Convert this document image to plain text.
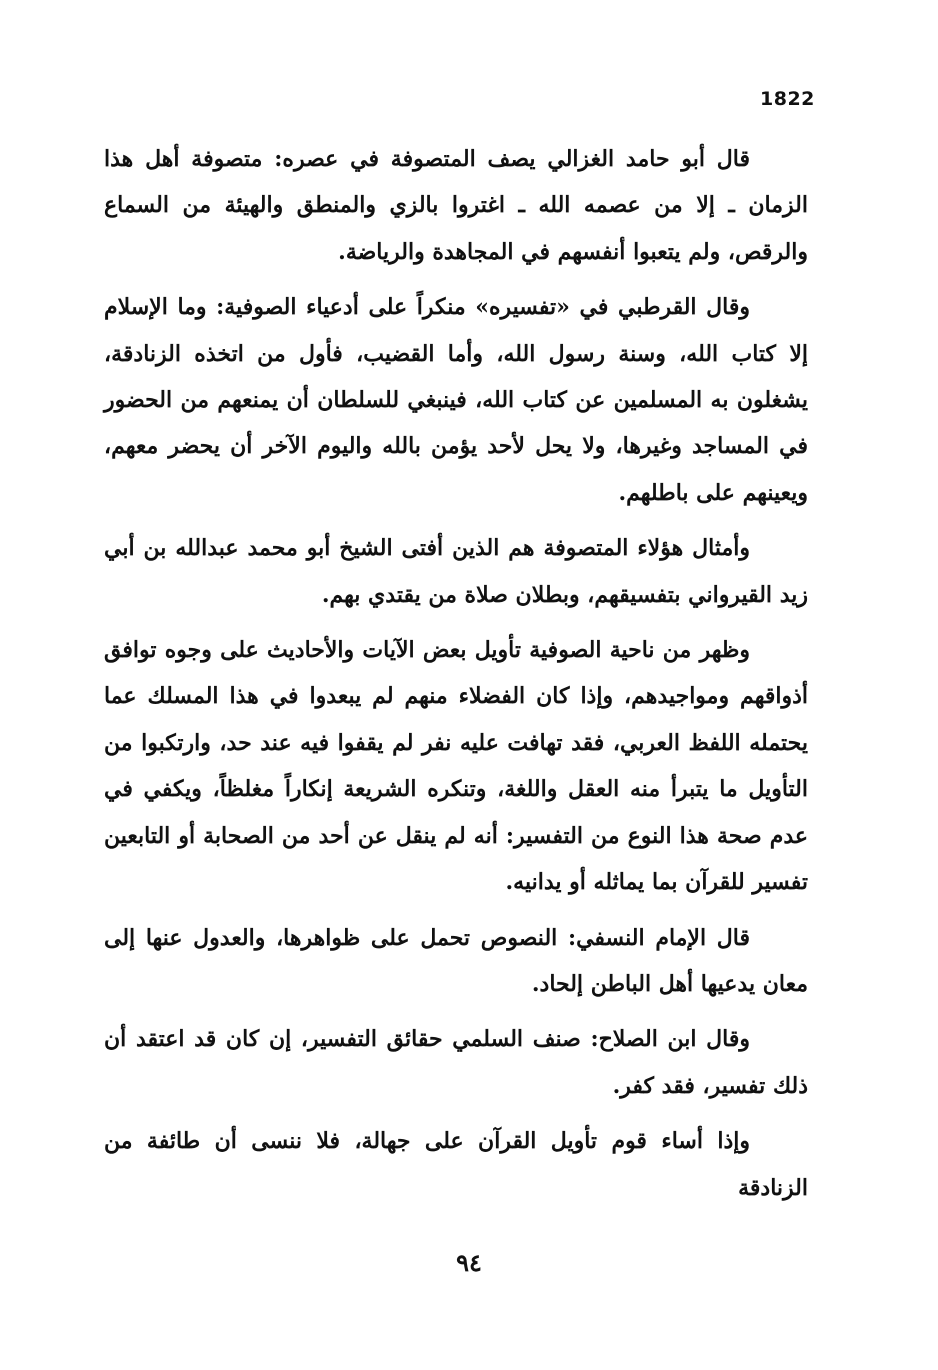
1822

قال أبو حامد الغزالي يصف المتصوفة في عصره: متصوفة أهل هذا الزمان ـ إلا من عصمه الله ـ اغتروا بالزي والمنطق والهيئة من السماع والرقص، ولم يتعبوا أنفسهم في المجاهدة والرياضة.

وقال القرطبي في «تفسيره» منكراً على أدعياء الصوفية: وما الإسلام إلا كتاب الله، وسنة رسول الله، وأما القضيب، فأول من اتخذه الزنادقة، يشغلون به المسلمين عن كتاب الله، فينبغي للسلطان أن يمنعهم من الحضور في المساجد وغيرها، ولا يحل لأحد يؤمن بالله واليوم الآخر أن يحضر معهم، ويعينهم على باطلهم.

وأمثال هؤلاء المتصوفة هم الذين أفتى الشيخ أبو محمد عبدالله بن أبي زيد القيرواني بتفسيقهم، وبطلان صلاة من يقتدي بهم.

وظهر من ناحية الصوفية تأويل بعض الآيات والأحاديث على وجوه توافق أذواقهم ومواجيدهم، وإذا كان الفضلاء منهم لم يبعدوا في هذا المسلك عما يحتمله اللفظ العربي، فقد تهافت عليه نفر لم يقفوا فيه عند حد، وارتكبوا من التأويل ما يتبرأ منه العقل واللغة، وتنكره الشريعة إنكاراً مغلظاً، ويكفي في عدم صحة هذا النوع من التفسير: أنه لم ينقل عن أحد من الصحابة أو التابعين تفسير للقرآن بما يماثله أو يدانيه.

قال الإمام النسفي: النصوص تحمل على ظواهرها، والعدول عنها إلى معان يدعيها أهل الباطن إلحاد.

وقال ابن الصلاح: صنف السلمي حقائق التفسير، إن كان قد اعتقد أن ذلك تفسير، فقد كفر.

وإذا أساء قوم تأويل القرآن على جهالة، فلا ننسى أن طائفة من الزنادقة

٩٤
